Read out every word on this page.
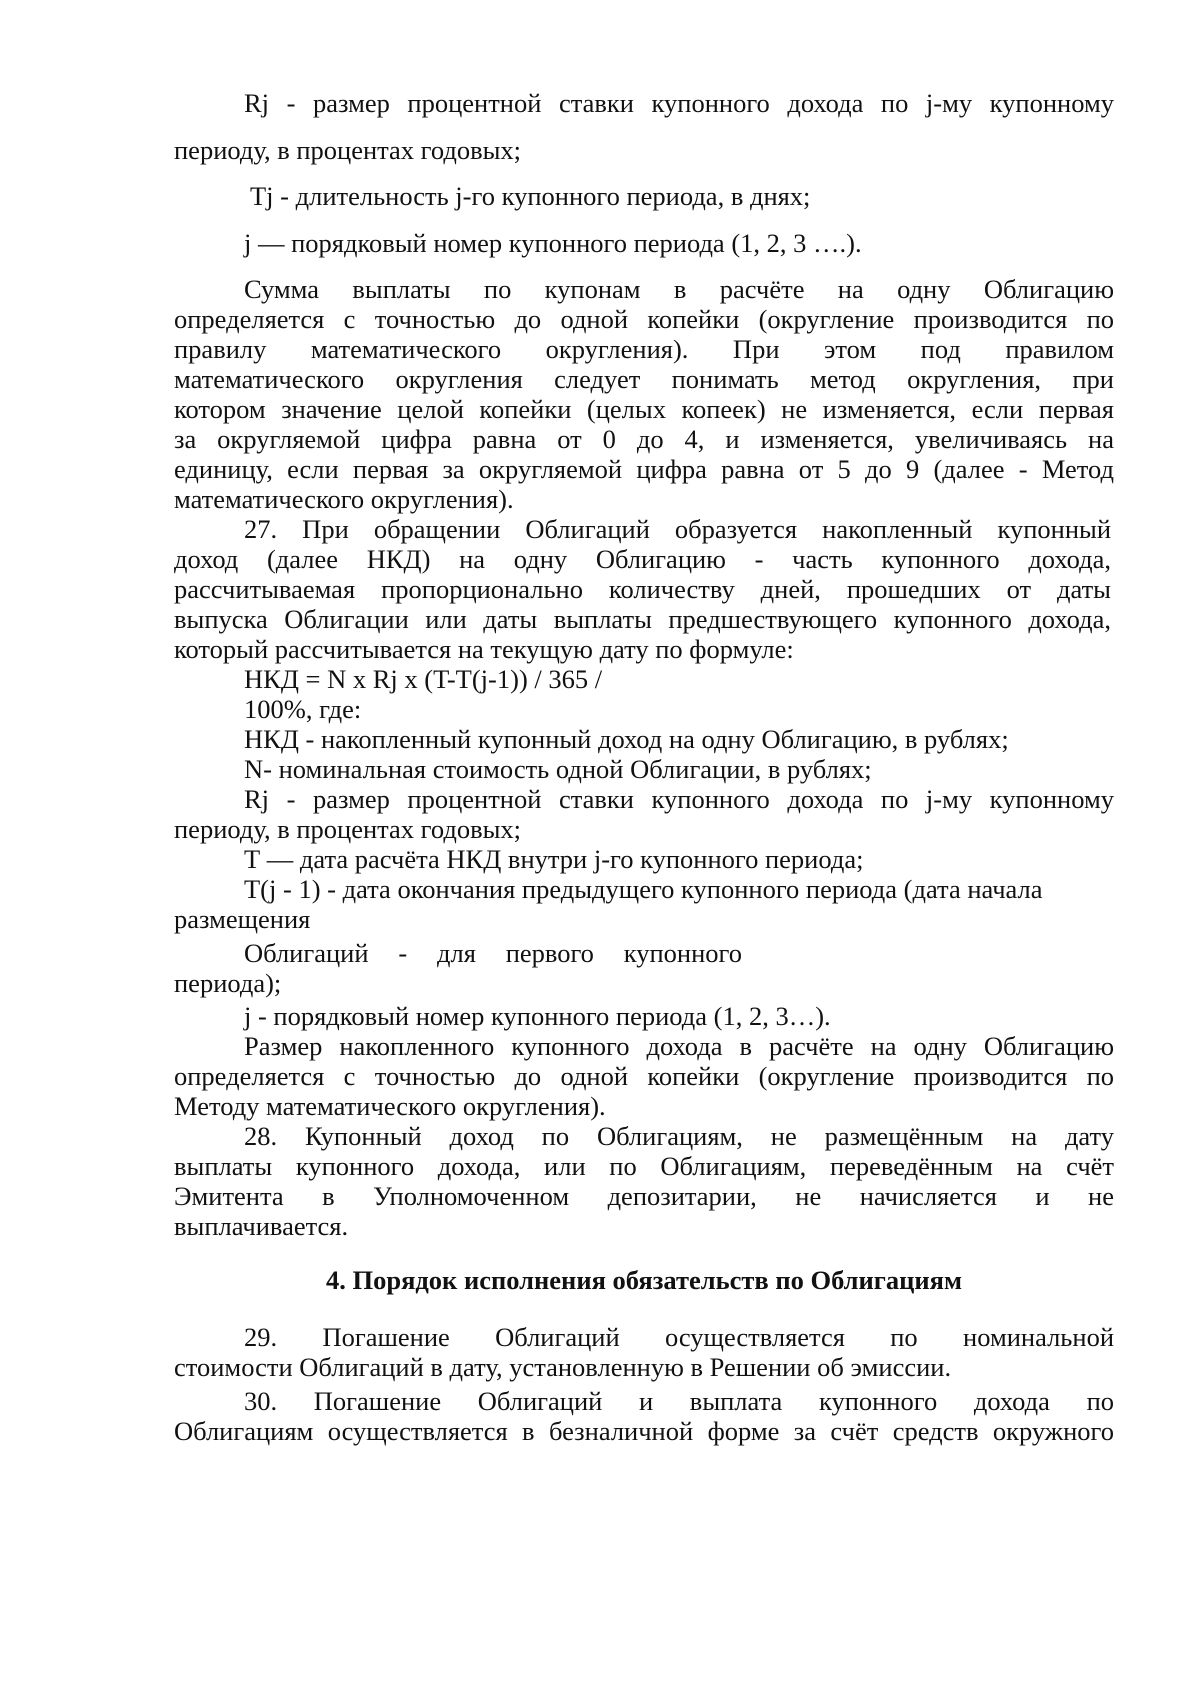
Rj - размер процентной ставки купонного дохода по j-му купонному
периоду, в процентах годовых;
Tj - длительность j-го купонного периода, в днях;
j — порядковый номер купонного периода (1, 2, 3 ….).
Сумма выплаты по купонам в расчёте на одну Облигацию
определяется с точностью до одной копейки (округление производится по
правилу математического округления). При этом под правилом
математического округления следует понимать метод округления, при
котором значение целой копейки (целых копеек) не изменяется, если первая
за округляемой цифра равна от 0 до 4, и изменяется, увеличиваясь на
единицу, если первая за округляемой цифра равна от 5 до 9 (далее - Метод
математического округления).
27. При обращении Облигаций образуется накопленный купонный
доход (далее НКД) на одну Облигацию - часть купонного дохода,
рассчитываемая пропорционально количеству дней, прошедших от даты
выпуска Облигации или даты выплаты предшествующего купонного дохода,
который рассчитывается на текущую дату по формуле:
НКД = N x Rj x (T-T(j-1)) / 365 /
100%, где:
НКД - накопленный купонный доход на одну Облигацию, в рублях;
N- номинальная стоимость одной Облигации, в рублях;
Rj - размер процентной ставки купонного дохода по j-му купонному
периоду, в процентах годовых;
Т — дата расчёта НКД внутри j-го купонного периода;
T(j - 1) - дата окончания предыдущего купонного периода (дата начала
размещения
Облигаций - для первого купонного
периода);
j - порядковый номер купонного периода (1, 2, 3…).
Размер накопленного купонного дохода в расчёте на одну Облигацию
определяется с точностью до одной копейки (округление производится по
Методу математического округления).
28. Купонный доход по Облигациям, не размещённым на дату
выплаты купонного дохода, или по Облигациям, переведённым на счёт
Эмитента в Уполномоченном депозитарии, не начисляется и не
выплачивается.
4. Порядок исполнения обязательств по Облигациям
29. Погашение Облигаций осуществляется по номинальной
стоимости Облигаций в дату, установленную в Решении об эмиссии.
30. Погашение Облигаций и выплата купонного дохода по
Облигациям осуществляется в безналичной форме за счёт средств окружного
